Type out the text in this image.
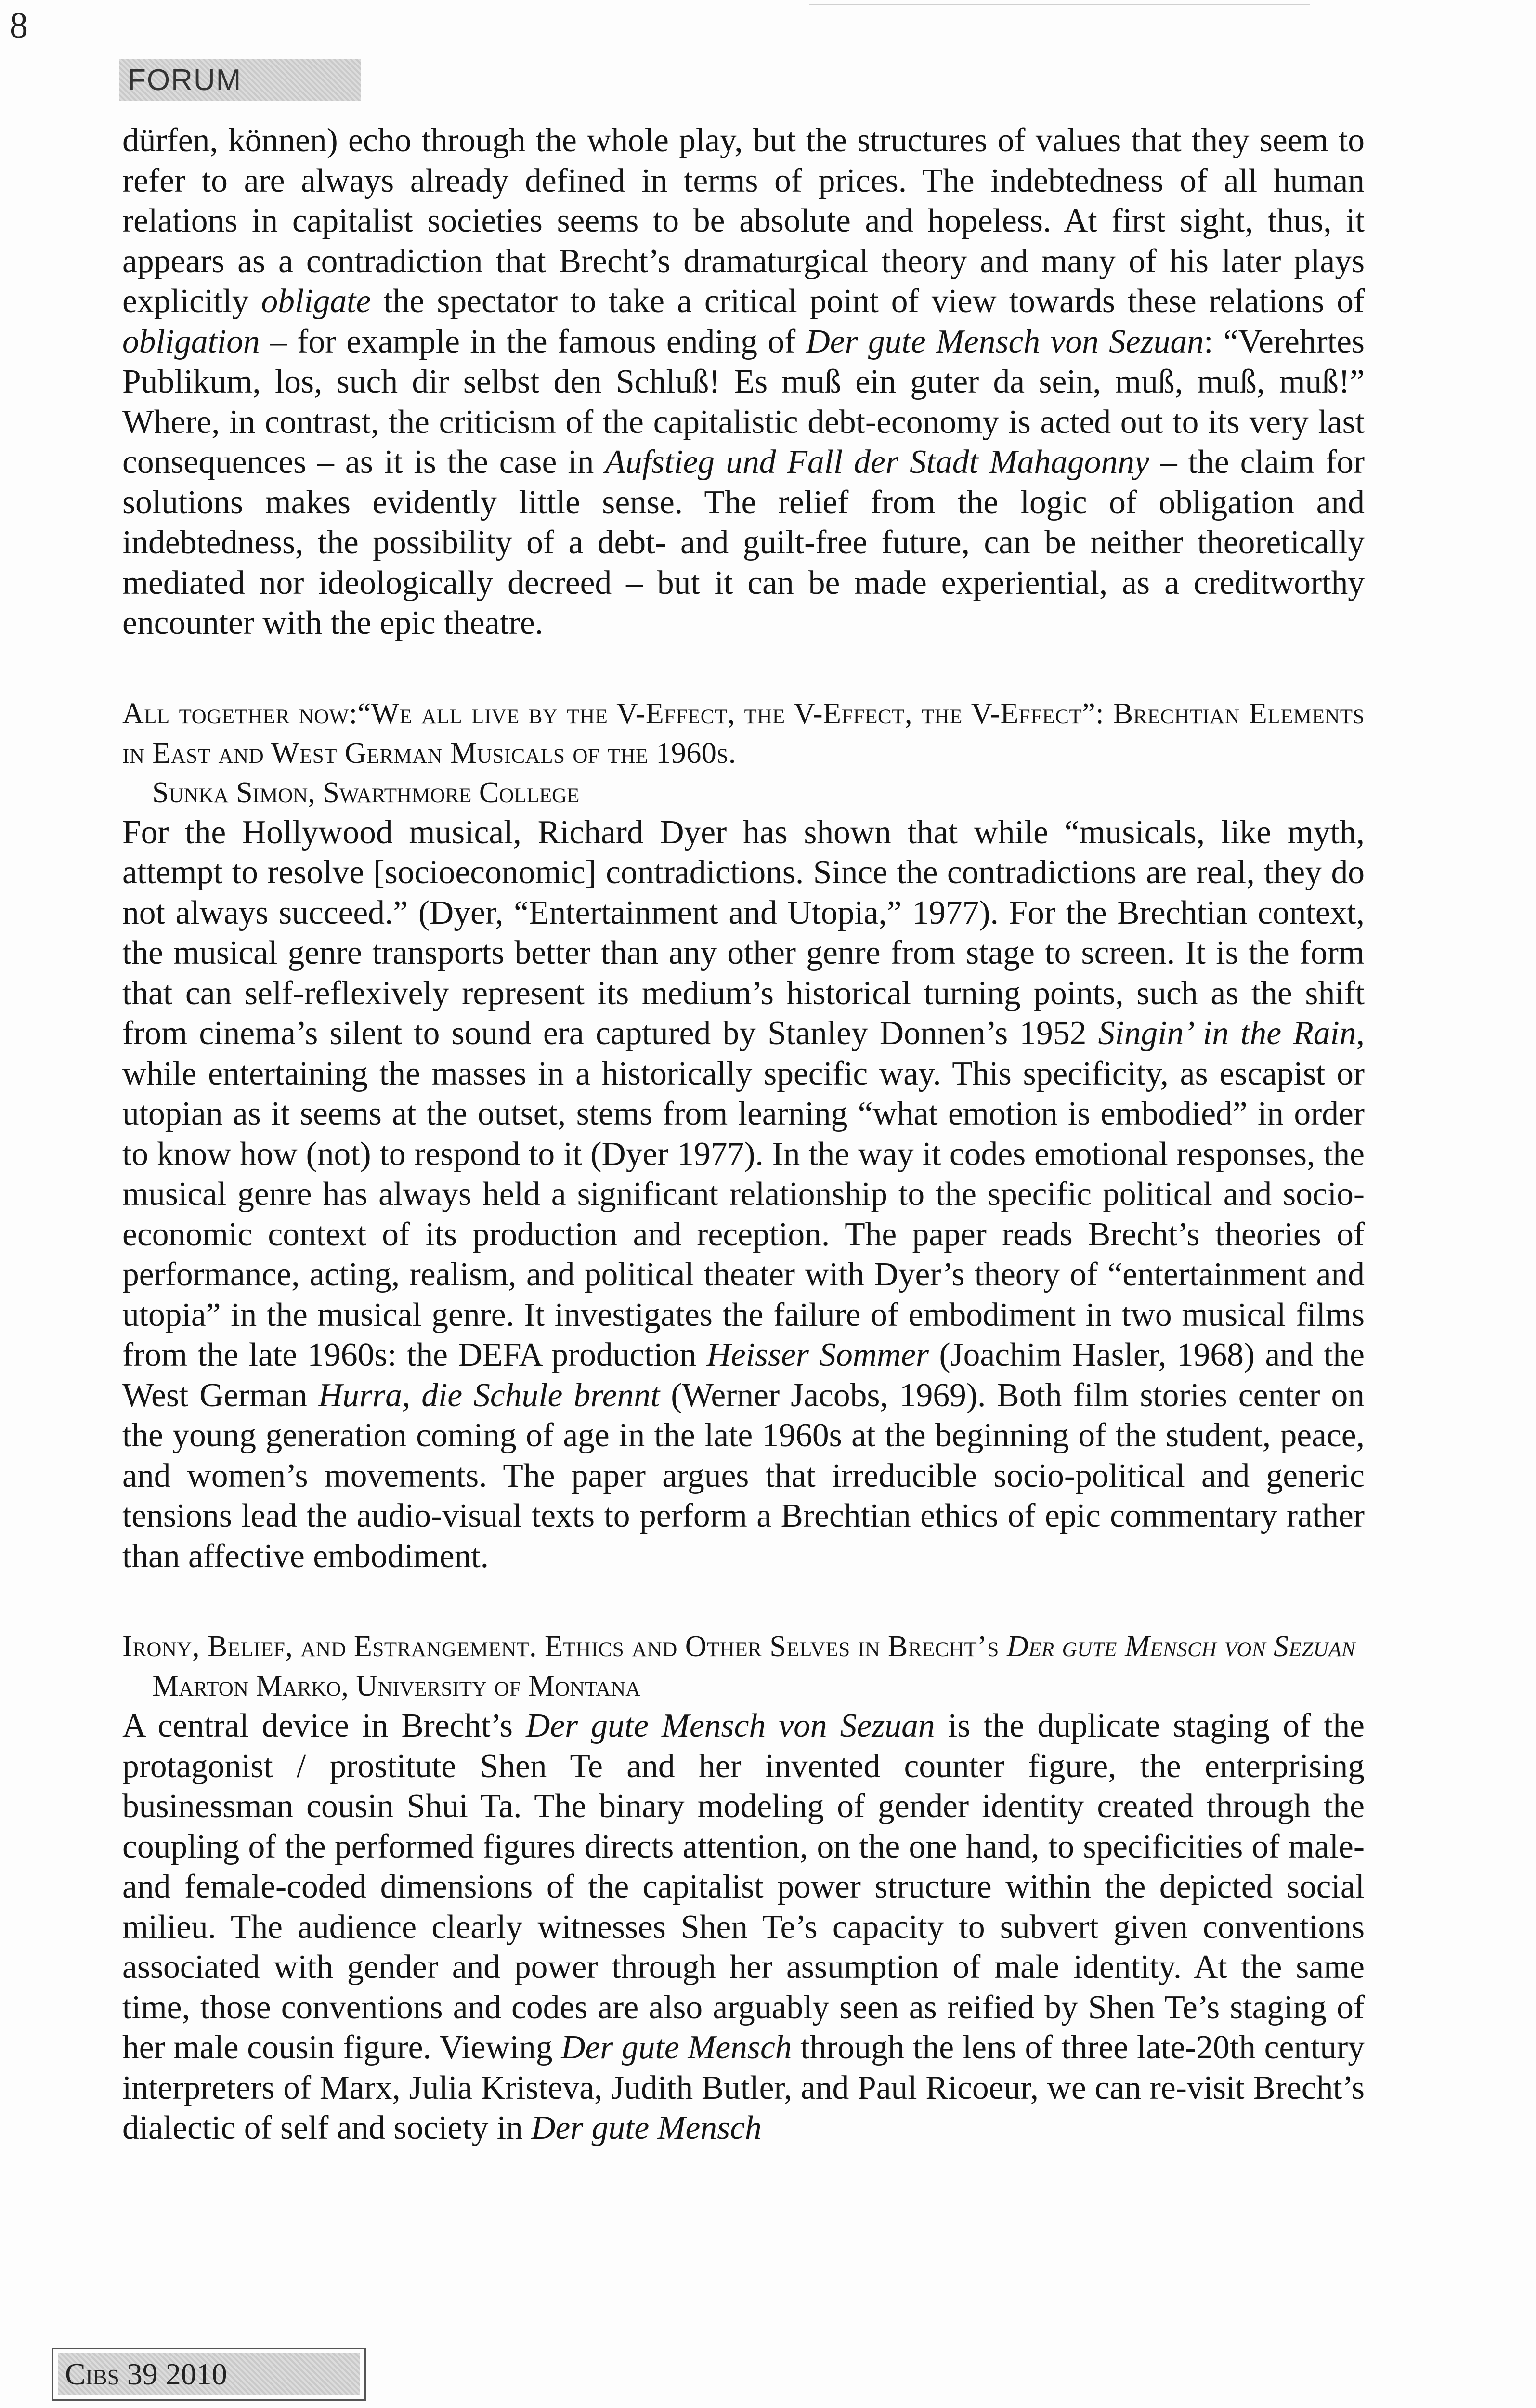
8
FORUM

dürfen, können) echo through the whole play, but the structures of values that they seem to refer to are always already defined in terms of prices. The indebtedness of all human relations in capitalist societies seems to be absolute and hopeless. At first sight, thus, it appears as a contradiction that Brecht’s dramaturgical theory and many of his later plays explicitly obligate the spectator to take a critical point of view towards these relations of obligation – for example in the famous ending of Der gute Mensch von Sezuan: “Verehrtes Publikum, los, such dir selbst den Schluß! Es muß ein guter da sein, muß, muß, muß!” Where, in contrast, the criticism of the capitalistic debt-economy is acted out to its very last consequences – as it is the case in Aufstieg und Fall der Stadt Mahagonny – the claim for solutions makes evidently little sense. The relief from the logic of obligation and indebtedness, the possibility of a debt- and guilt-free future, can be neither theoretically mediated nor ideologically decreed – but it can be made experiential, as a creditworthy encounter with the epic theatre.

All together now:“We all live by the V-Effect, the V-Effect, the V-Effect”: Brechtian Elements in East and West German Musicals of the 1960s.

Sunka Simon, Swarthmore College

For the Hollywood musical, Richard Dyer has shown that while “musicals, like myth, attempt to resolve [socioeconomic] contradictions. Since the contradictions are real, they do not always succeed.” (Dyer, “Entertainment and Utopia,” 1977). For the Brechtian context, the musical genre transports better than any other genre from stage to screen. It is the form that can self-reflexively represent its medium’s historical turning points, such as the shift from cinema’s silent to sound era captured by Stanley Donnen’s 1952 Singin’ in the Rain, while entertaining the masses in a historically specific way. This specificity, as escapist or utopian as it seems at the outset, stems from learning “what emotion is embodied” in order to know how (not) to respond to it (Dyer 1977). In the way it codes emotional responses, the musical genre has always held a significant relationship to the specific political and socioeconomic context of its production and reception. The paper reads Brecht’s theories of performance, acting, realism, and political theater with Dyer’s theory of “entertainment and utopia” in the musical genre. It investigates the failure of embodiment in two musical films from the late 1960s: the DEFA production Heisser Sommer (Joachim Hasler, 1968) and the West German Hurra, die Schule brennt (Werner Jacobs, 1969). Both film stories center on the young generation coming of age in the late 1960s at the beginning of the student, peace, and women’s movements. The paper argues that irreducible socio-political and generic tensions lead the audio-visual texts to perform a Brechtian ethics of epic commentary rather than affective embodiment.

Irony, Belief, and Estrangement. Ethics and Other Selves in Brecht’s Der gute Mensch von Sezuan

Marton Marko, University of Montana

A central device in Brecht’s Der gute Mensch von Sezuan is the duplicate staging of the protagonist / prostitute Shen Te and her invented counter figure, the enterprising businessman cousin Shui Ta. The binary modeling of gender identity created through the coupling of the performed figures directs attention, on the one hand, to specificities of male- and female-coded dimensions of the capitalist power structure within the depicted social milieu. The audience clearly witnesses Shen Te’s capacity to subvert given conventions associated with gender and power through her assumption of male identity. At the same time, those conventions and codes are also arguably seen as reified by Shen Te’s staging of her male cousin figure. Viewing Der gute Mensch through the lens of three late-20th century interpreters of Marx, Julia Kristeva, Judith Butler, and Paul Ricoeur, we can re-visit Brecht’s dialectic of self and society in Der gute Mensch

Cibs 39 2010
